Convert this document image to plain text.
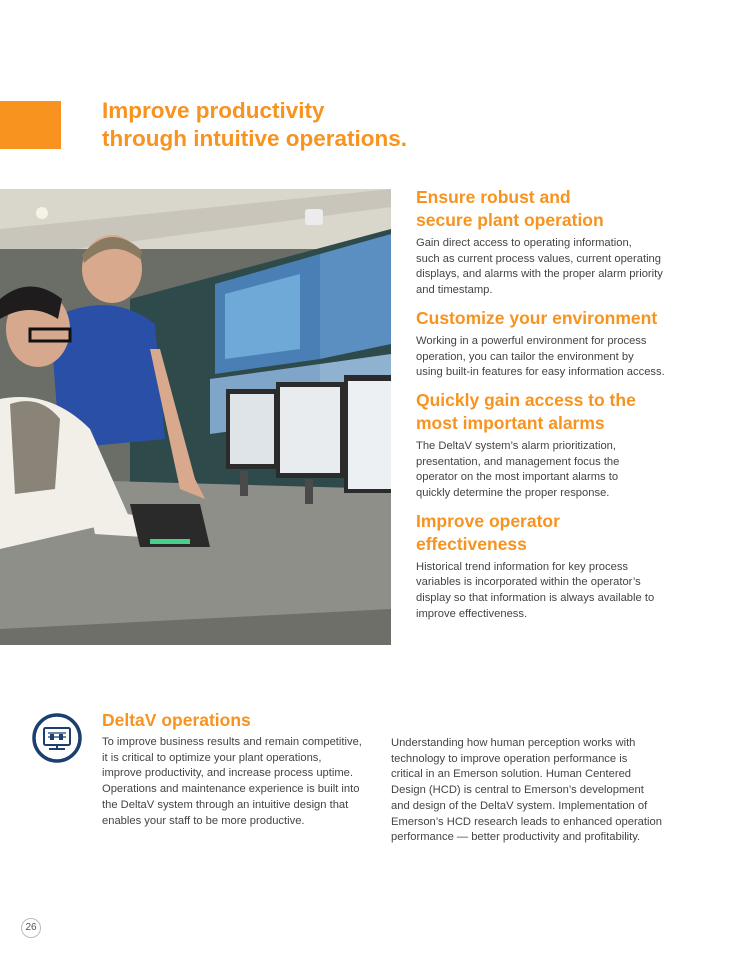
Improve productivity
through intuitive operations.
Ensure robust and
secure plant operation

Gain direct access to operating information,
such as current process values, current operating
displays, and alarms with the proper alarm priority
and timestamp.

Customize your environment

Working in a powerful environment for process
operation, you can tailor the environment by
using built-in features for easy information access.

Quickly gain access to the
most important alarms

The DeltaV system’s alarm prioritization,
presentation, and management focus the
operator on the most important alarms to
quickly determine the proper response.

Improve operator
effectiveness

Historical trend information for key process
variables is incorporated within the operator’s
display so that information is always available to
improve effectiveness.

DeltaV operations
To improve business results and remain competitive,
it is critical to optimize your plant operations,
improve productivity, and increase process uptime.
Operations and maintenance experience is built into
the DeltaV system through an intuitive design that
enables your staff to be more productive.
Understanding how human perception works with
technology to improve operation performance is
critical in an Emerson solution. Human Centered
Design (HCD) is central to Emerson’s development
and design of the DeltaV system. Implementation of
Emerson’s HCD research leads to enhanced operation
performance — better productivity and profitability.
26
